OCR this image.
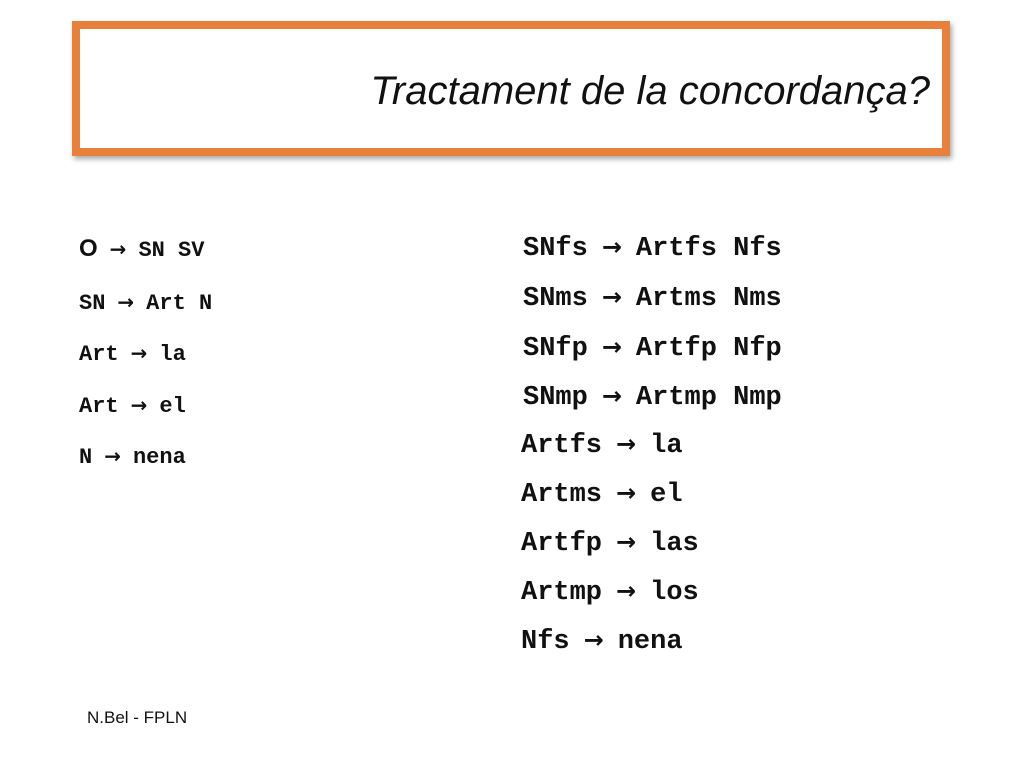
Tractament de la concordança?
O → SN SV
SN → Art N
Art → la
Art → el
N → nena
SNfs → Artfs Nfs
SNms → Artms Nms
SNfp → Artfp Nfp
SNmp → Artmp Nmp
Artfs → la
Artms → el
Artfp → las
Artmp → los
Nfs → nena
N.Bel - FPLN
